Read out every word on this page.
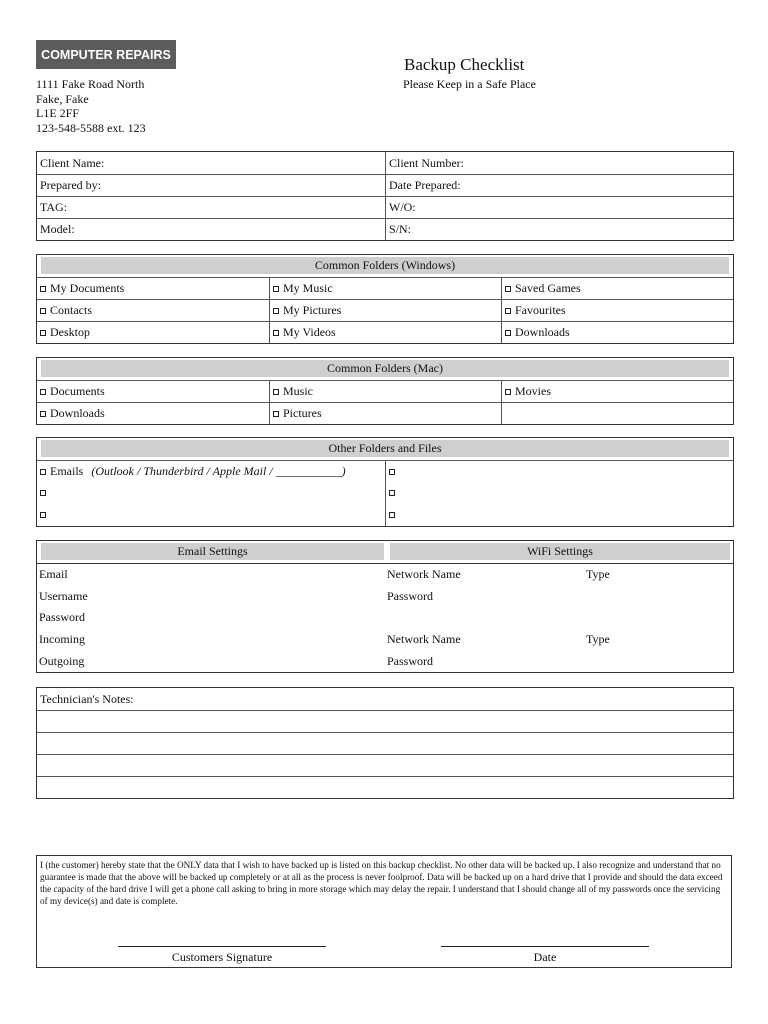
COMPUTER REPAIRS
1111 Fake Road North
Fake, Fake
L1E 2FF
123-548-5588 ext. 123
Backup Checklist
Please Keep in a Safe Place
Client Name:	Client Number:
Prepared by:	Date Prepared:
TAG:	W/O:
Model:	S/N:
Common Folders (Windows)
My Documents	My Music	Saved Games
Contacts	My Pictures	Favourites
Desktop	My Videos	Downloads
Common Folders (Mac)
Documents	Music	Movies
Downloads	Pictures
Other Folders and Files
Emails (Outlook / Thunderbird / Apple Mail / ___________)
Email Settings	WiFi Settings
Email	Network Name	Type
Username	Password
Password
Incoming	Network Name	Type
Outgoing	Password
Technician's Notes:
I (the customer) hereby state that the ONLY data that I wish to have backed up is listed on this backup checklist. No other data will be backed up. I also recognize and understand that no guarantee is made that the above will be backed up completely or at all as the process is never foolproof. Data will be backed up on a hard drive that I provide and should the data exceed the capacity of the hard drive I will get a phone call asking to bring in more storage which may delay the repair. I understand that I should change all of my passwords once the servicing of my device(s) and date is complete.
Customers Signature	Date
